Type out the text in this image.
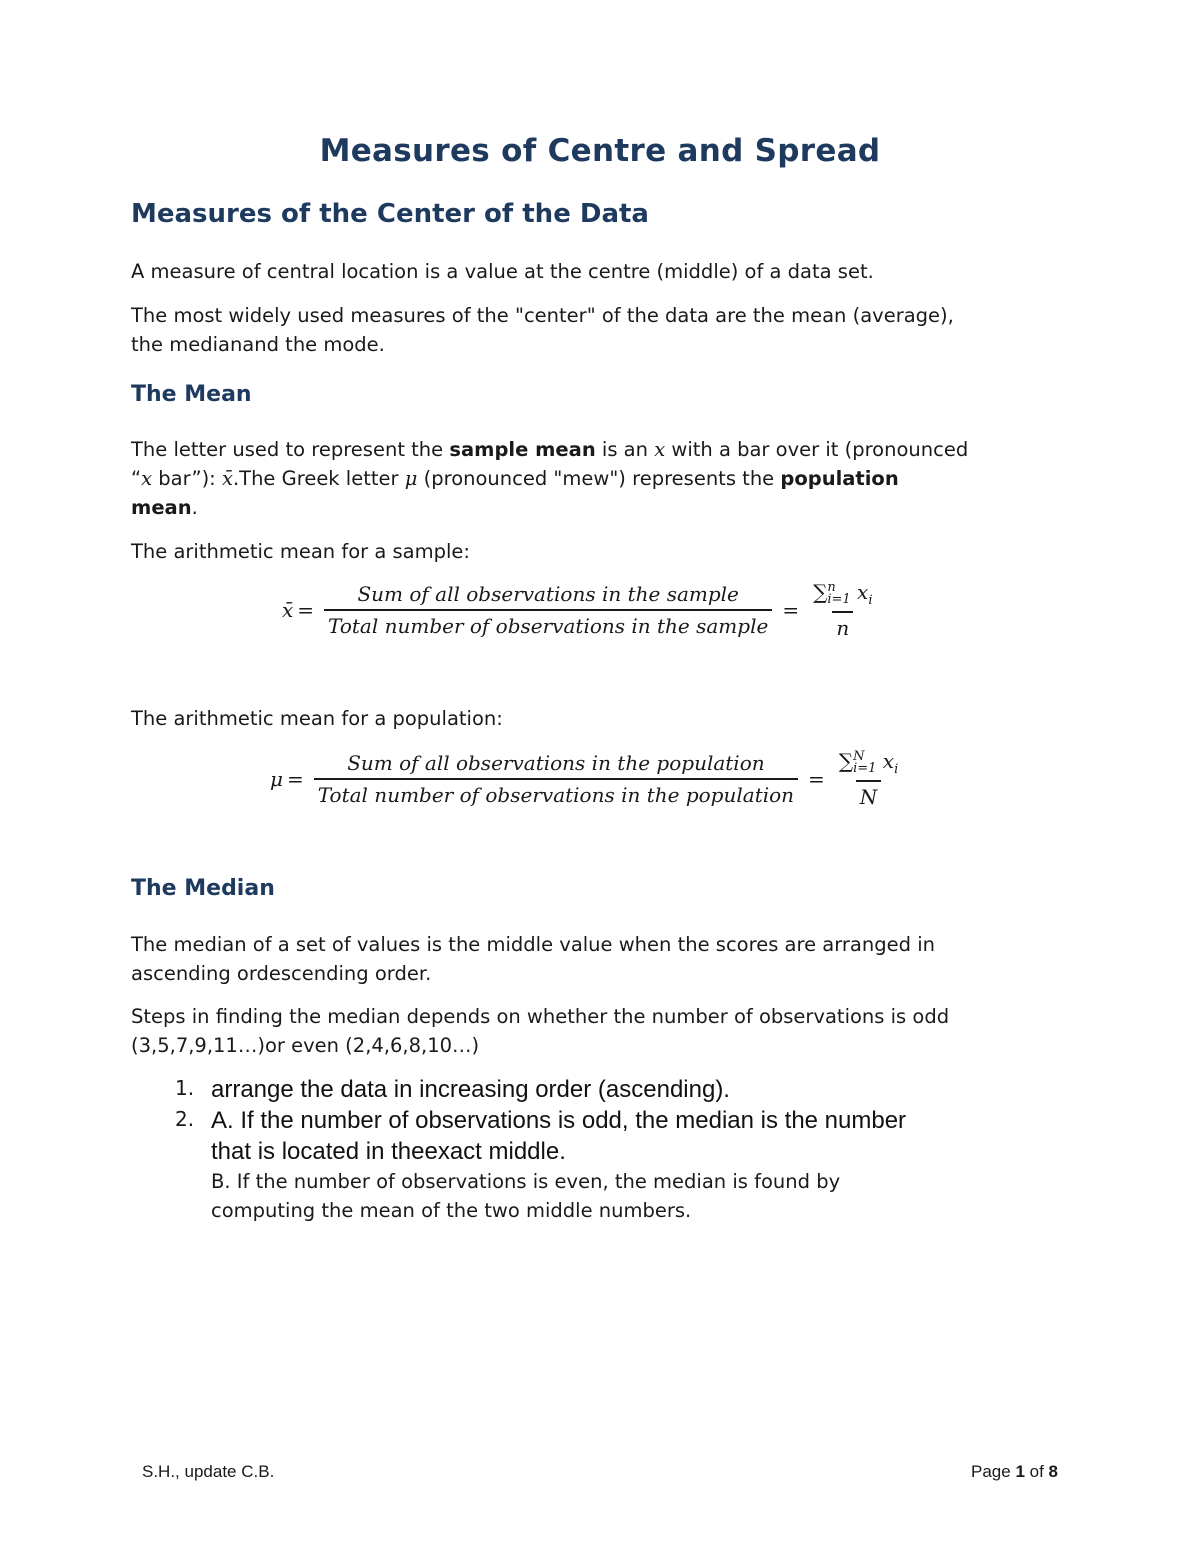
Measures of Centre and Spread
Measures of the Center of the Data
A measure of central location is a value at the centre (middle) of a data set.
The most widely used measures of the "center" of the data are the mean (average),
the medianand the mode.
The Mean
The letter used to represent the sample mean is an x with a bar over it (pronounced
“x bar”): x̄.The Greek letter μ (pronounced "mew") represents the population
mean.
The arithmetic mean for a sample:
x̄ = $\frac{\text{Sum of all observations in the sample}}{\text{Total number of observations in the sample}}$ = ∑ n
i=1 $x_i$
n
The arithmetic mean for a population:
$\mu = \frac{\text{Sum of all observations in the population}}{\text{Total number of observations in the population}}$ = ∑ N
i=1 $x_i$
N
The Median
The median of a set of values is the middle value when the scores are arranged in
ascending ordescending order.
Steps in finding the median depends on whether the number of observations is odd
(3,5,7,9,11…)or even (2,4,6,8,10…)
1. arrange the data in increasing order (ascending).
2. A. If the number of observations is odd, the median is the number
that is located in theexact middle.
B. If the number of observations is even, the median is found by
computing the mean of the two middle numbers.
S.H., update C.B.	Page 1 of 8
